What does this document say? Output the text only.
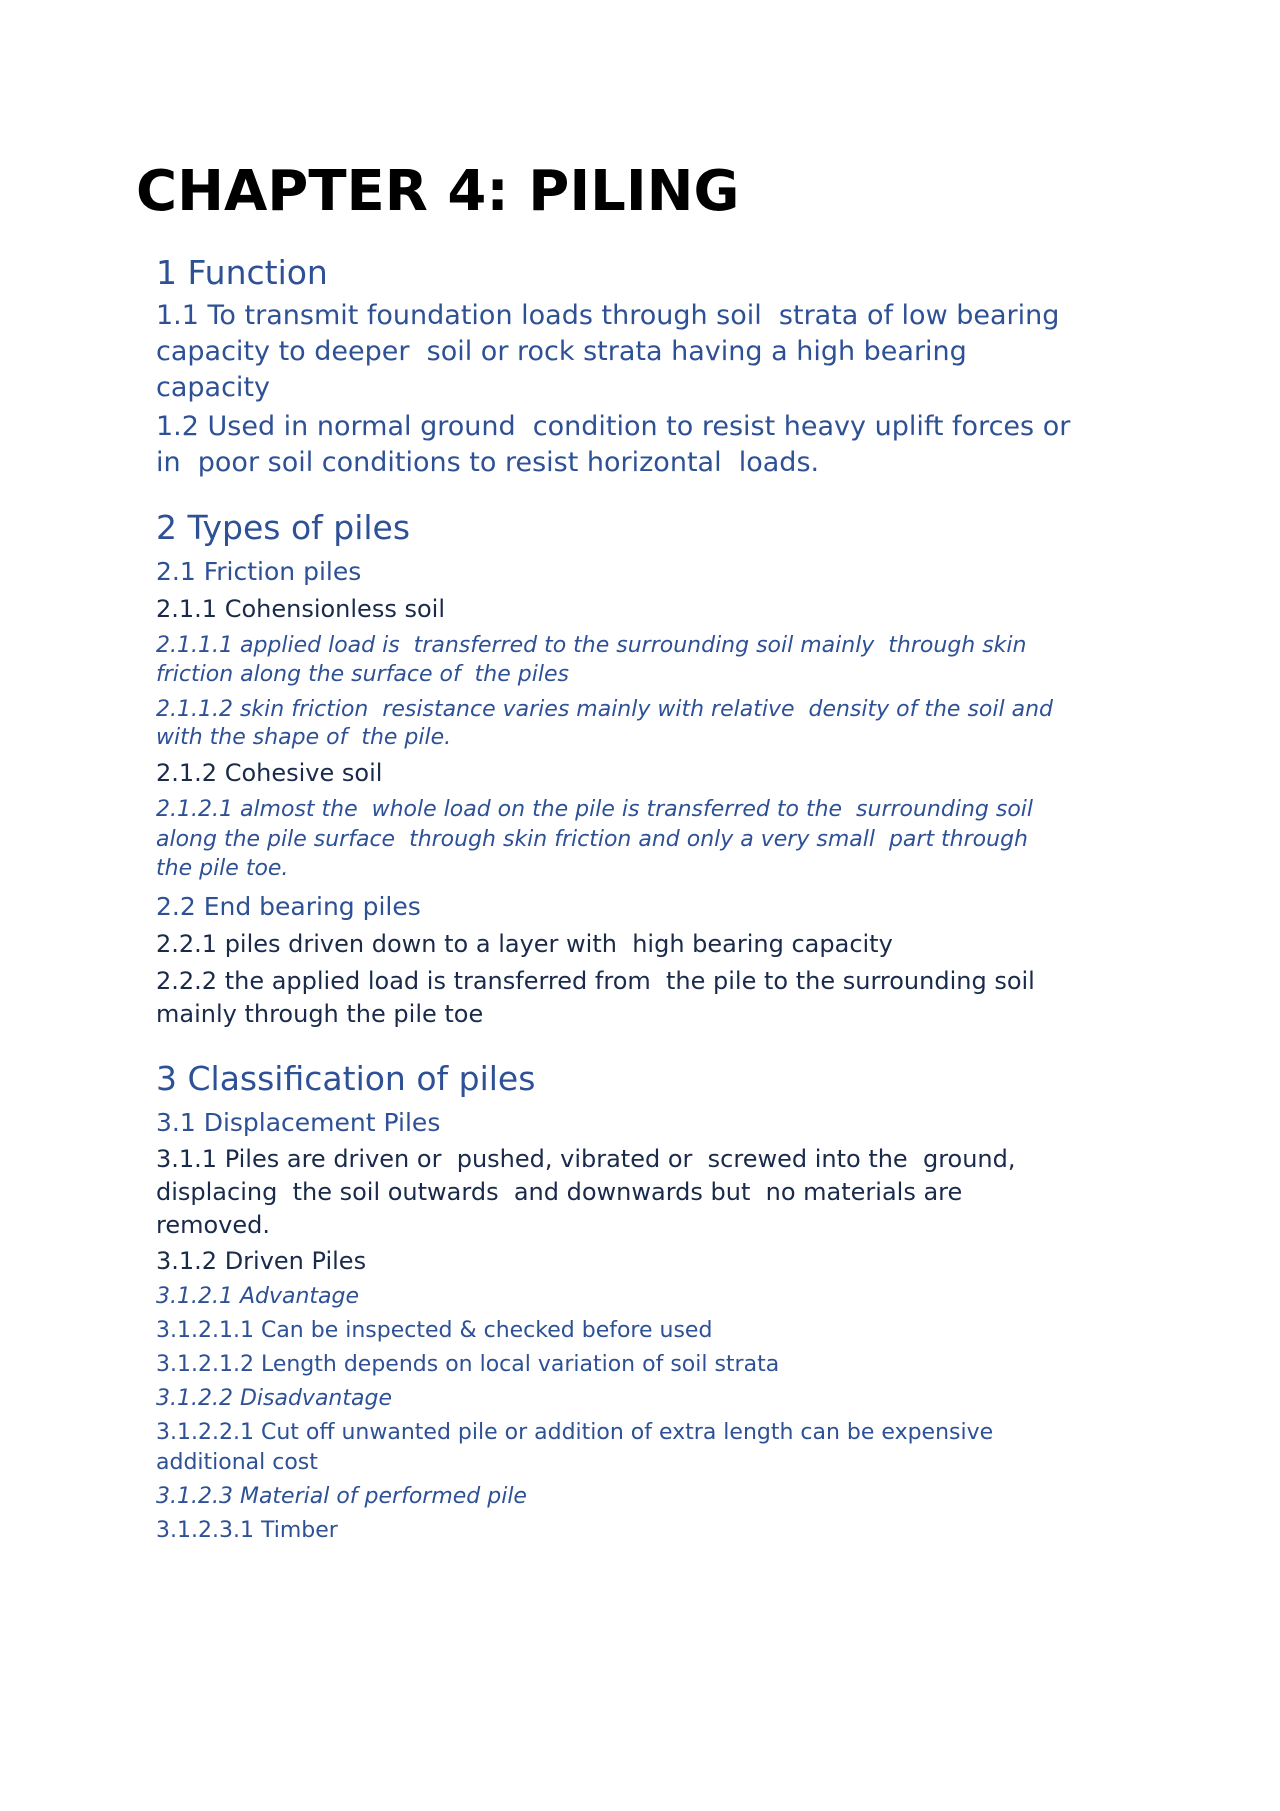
CHAPTER 4: PILING
1 Function
1.1 To transmit foundation loads through soil  strata of low bearing
capacity to deeper  soil or rock strata having a high bearing
capacity
1.2 Used in normal ground  condition to resist heavy uplift forces or
in  poor soil conditions to resist horizontal  loads.
2 Types of piles
2.1 Friction piles
2.1.1 Cohensionless soil
2.1.1.1 applied load is  transferred to the surrounding soil mainly  through skin
friction along the surface of  the piles
2.1.1.2 skin friction  resistance varies mainly with relative  density of the soil and
with the shape of  the pile.
2.1.2 Cohesive soil
2.1.2.1 almost the  whole load on the pile is transferred to the  surrounding soil
along the pile surface  through skin friction and only a very small  part through
the pile toe.
2.2 End bearing piles
2.2.1 piles driven down to a layer with  high bearing capacity
2.2.2 the applied load is transferred from  the pile to the surrounding soil
mainly through the pile toe
3 Classification of piles
3.1 Displacement Piles
3.1.1 Piles are driven or  pushed, vibrated or  screwed into the  ground,
displacing  the soil outwards  and downwards but  no materials are
removed.
3.1.2 Driven Piles
3.1.2.1 Advantage
3.1.2.1.1 Can be inspected & checked before used
3.1.2.1.2 Length depends on local variation of soil strata
3.1.2.2 Disadvantage
3.1.2.2.1 Cut off unwanted pile or addition of extra length can be expensive
additional cost
3.1.2.3 Material of performed pile
3.1.2.3.1 Timber
